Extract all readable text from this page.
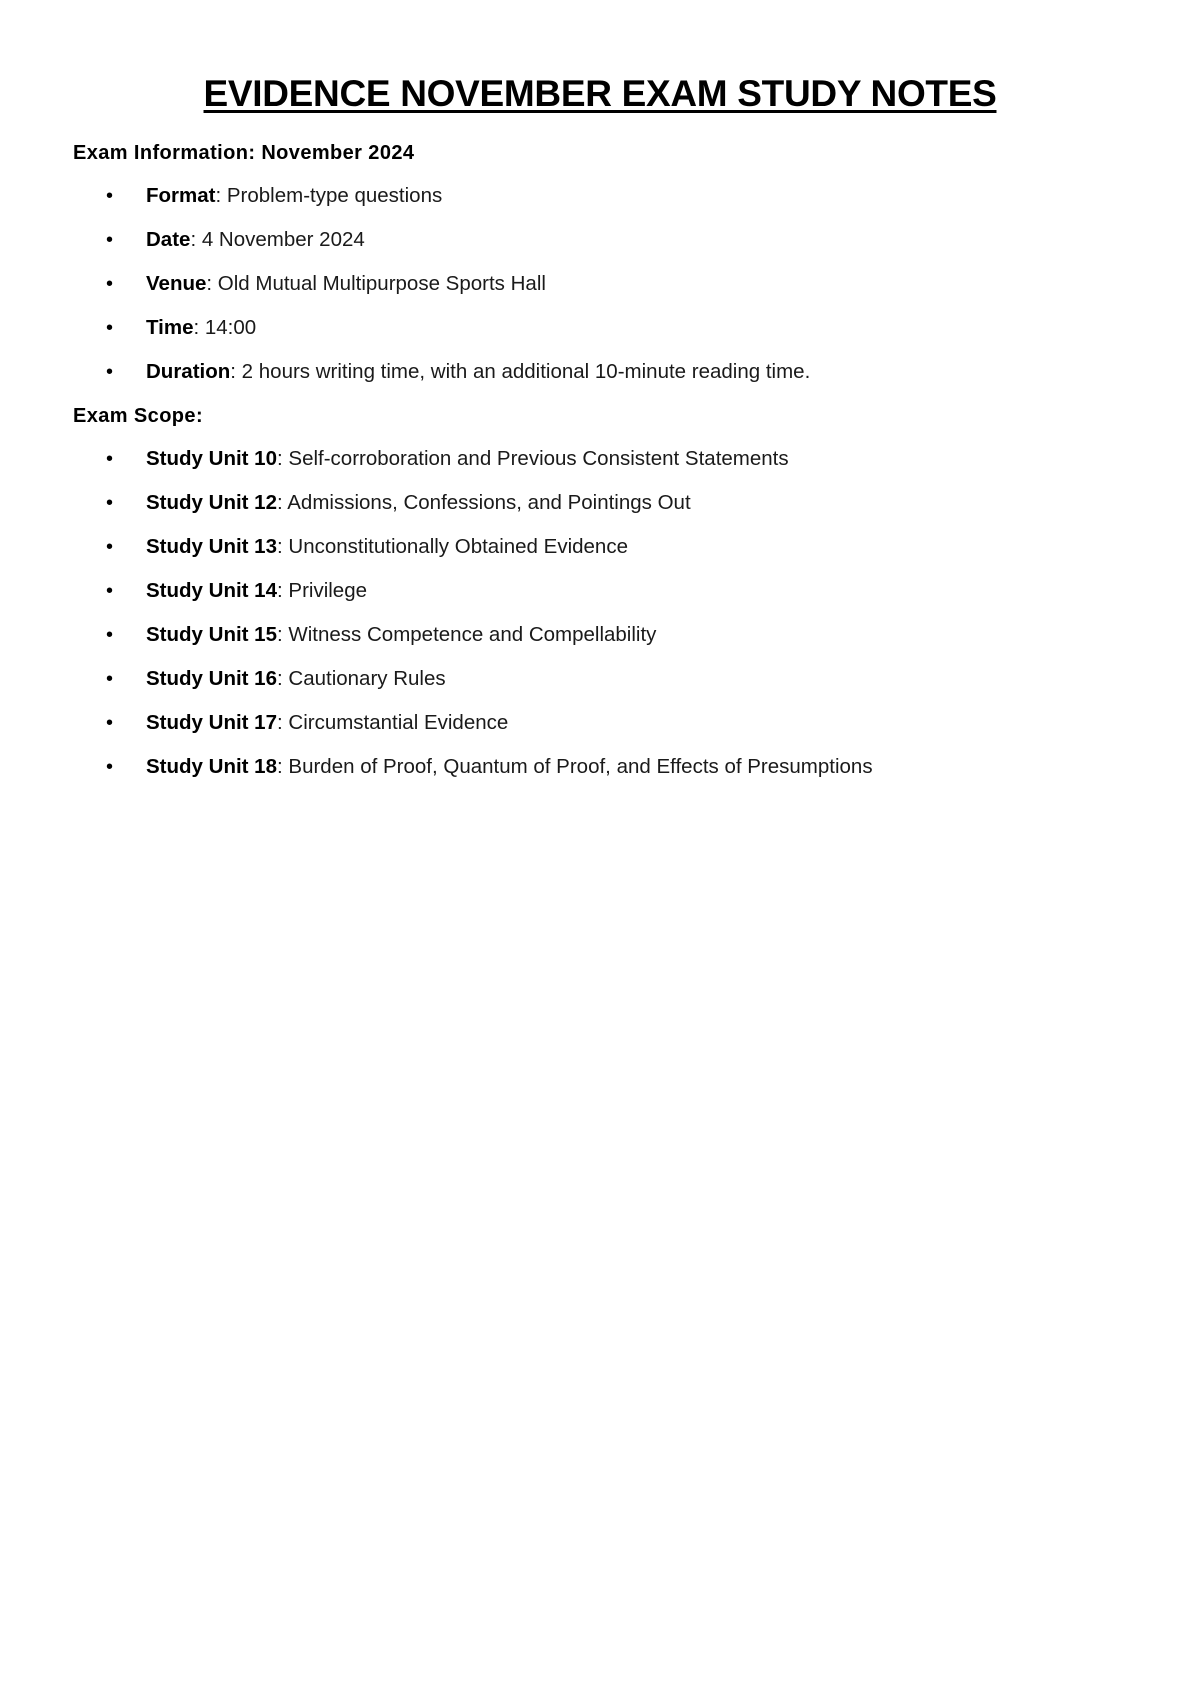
EVIDENCE NOVEMBER EXAM STUDY NOTES
Exam Information: November 2024
• Format: Problem-type questions
• Date: 4 November 2024
• Venue: Old Mutual Multipurpose Sports Hall
• Time: 14:00
• Duration: 2 hours writing time, with an additional 10-minute reading time.
Exam Scope:
• Study Unit 10: Self-corroboration and Previous Consistent Statements
• Study Unit 12: Admissions, Confessions, and Pointings Out
• Study Unit 13: Unconstitutionally Obtained Evidence
• Study Unit 14: Privilege
• Study Unit 15: Witness Competence and Compellability
• Study Unit 16: Cautionary Rules
• Study Unit 17: Circumstantial Evidence
• Study Unit 18: Burden of Proof, Quantum of Proof, and Effects of Presumptions
